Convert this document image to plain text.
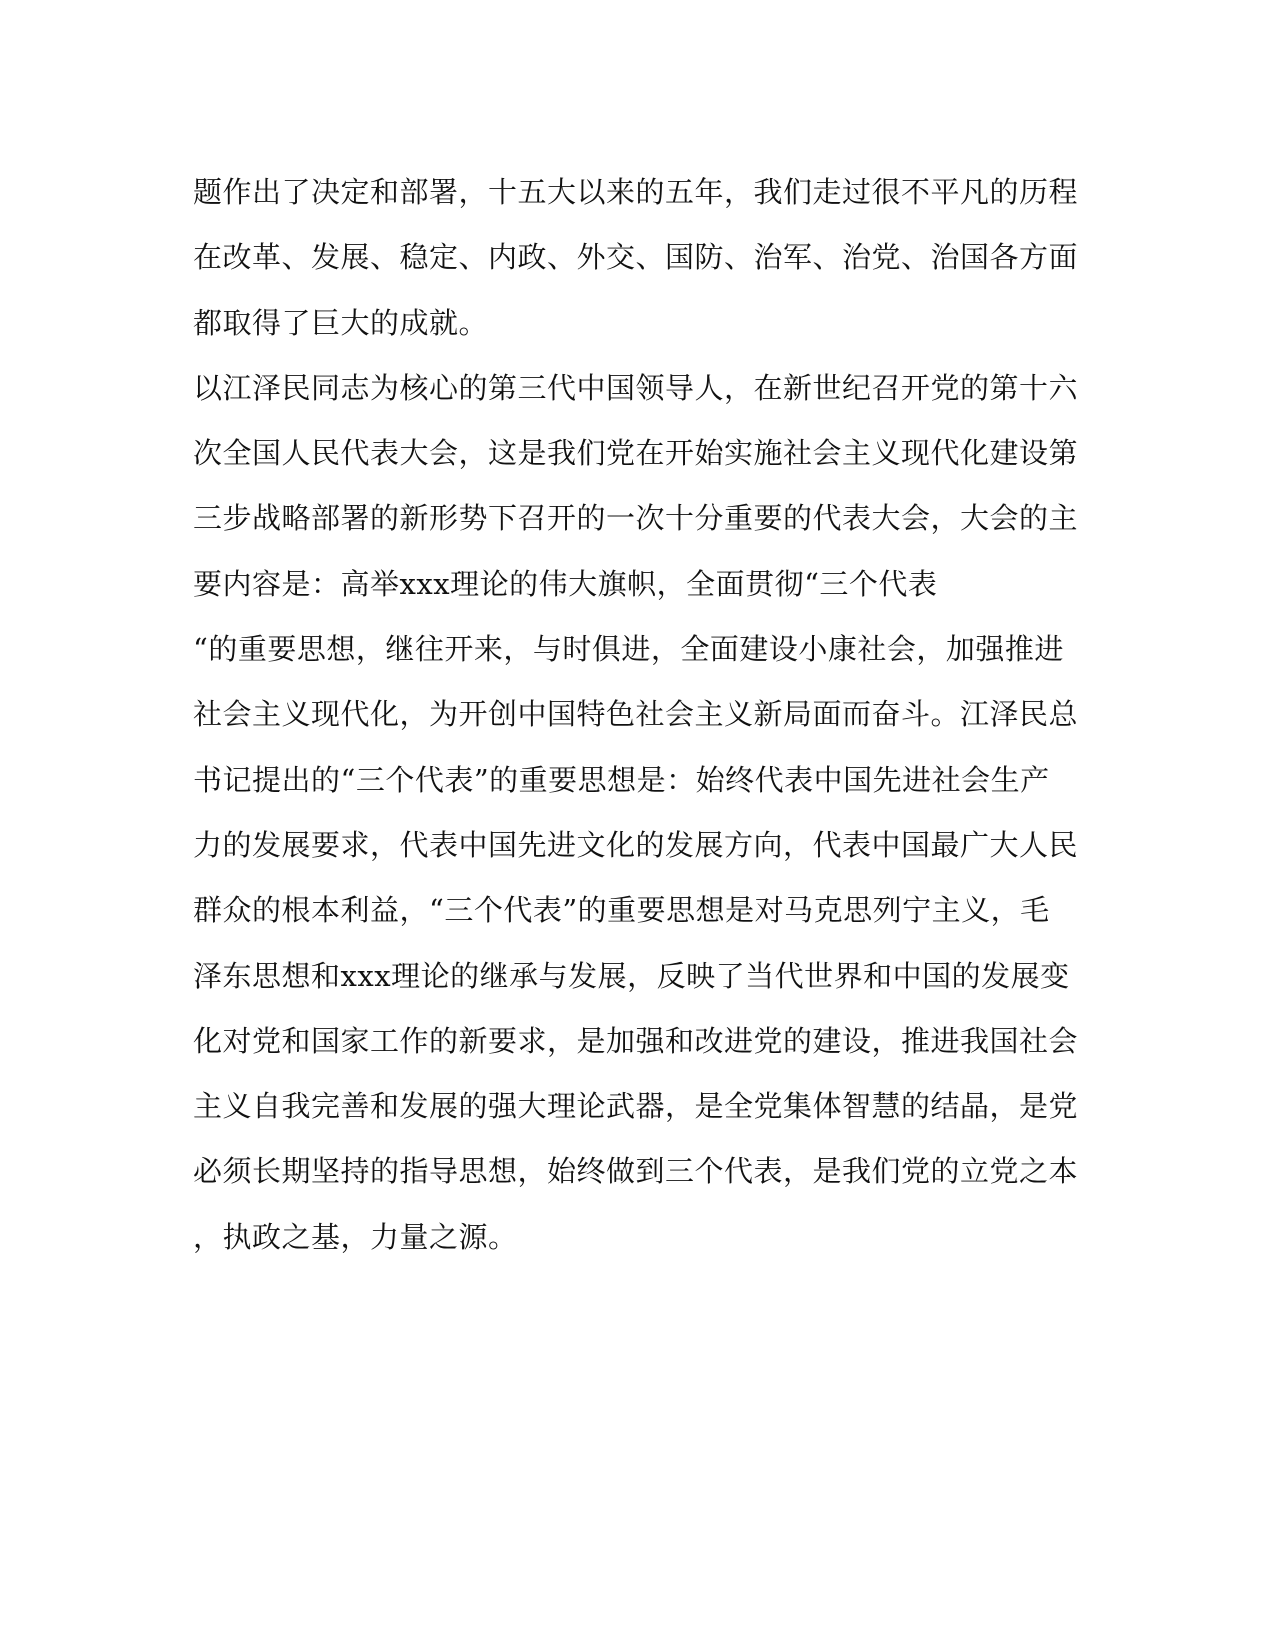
题作出了决定和部署，十五大以来的五年，我们走过很不平凡的历程
在改革、发展、稳定、内政、外交、国防、治军、治党、治国各方面
都取得了巨大的成就。
以江泽民同志为核心的第三代中国领导人，在新世纪召开党的第十六
次全国人民代表大会，这是我们党在开始实施社会主义现代化建设第
三步战略部署的新形势下召开的一次十分重要的代表大会，大会的主
要内容是：高举xxx理论的伟大旗帜，全面贯彻“三个代表
“的重要思想，继往开来，与时俱进，全面建设小康社会，加强推进
社会主义现代化，为开创中国特色社会主义新局面而奋斗。江泽民总
书记提出的“三个代表”的重要思想是：始终代表中国先进社会生产
力的发展要求，代表中国先进文化的发展方向，代表中国最广大人民
群众的根本利益，“三个代表”的重要思想是对马克思列宁主义，毛
泽东思想和xxx理论的继承与发展，反映了当代世界和中国的发展变
化对党和国家工作的新要求，是加强和改进党的建设，推进我国社会
主义自我完善和发展的强大理论武器，是全党集体智慧的结晶，是党
必须长期坚持的指导思想，始终做到三个代表，是我们党的立党之本
，执政之基，力量之源。
